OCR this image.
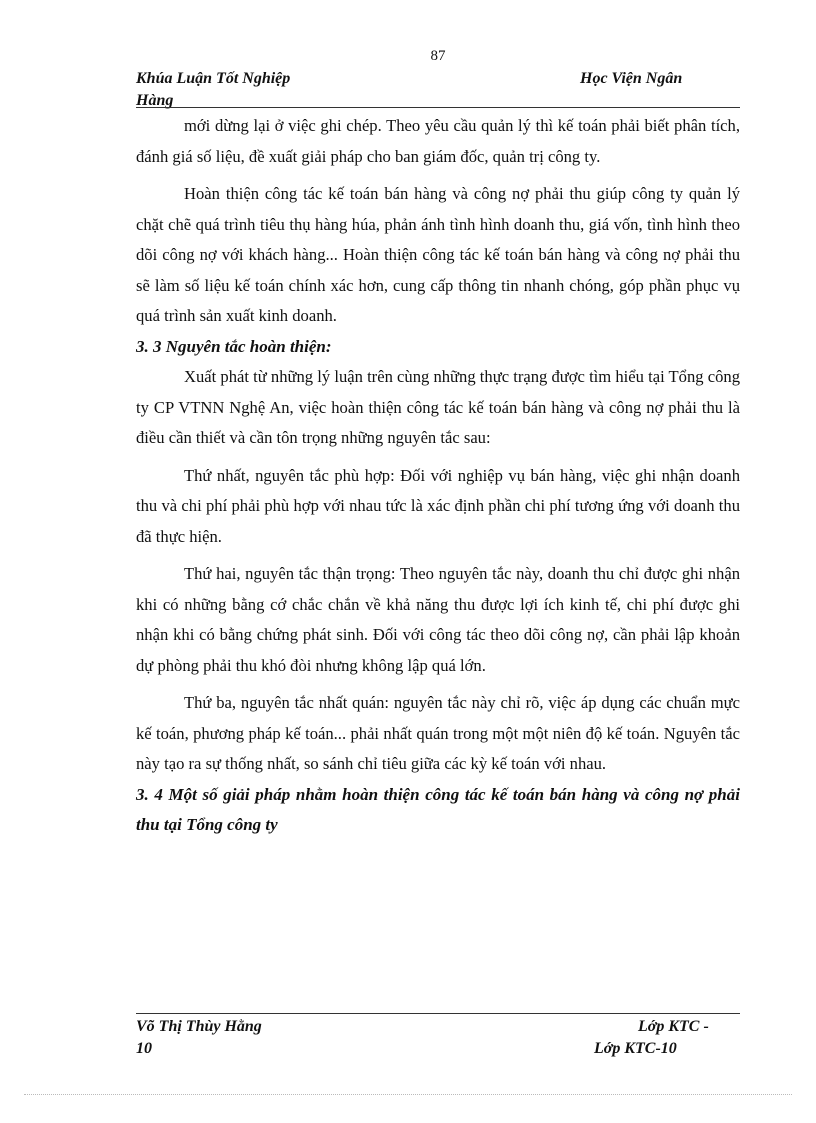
87
Khúa Luận Tốt Nghiệp
Hàng
Học Viện Ngân

mới dừng lại ở việc ghi chép. Theo yêu cầu quản lý thì kế toán phải biết phân tích, đánh giá số liệu, đề xuất giải pháp cho ban giám đốc, quản trị công ty.

Hoàn thiện công tác kế toán bán hàng và công nợ phải thu giúp công ty quản lý chặt chẽ quá trình tiêu thụ hàng húa, phản ánh tình hình doanh thu, giá vốn, tình hình theo dõi công nợ với khách hàng... Hoàn thiện công tác kế toán bán hàng và công nợ phải thu sẽ làm số liệu kế toán chính xác hơn, cung cấp thông tin nhanh chóng, góp phần phục vụ quá trình sản xuất kinh doanh.

3. 3 Nguyên tắc hoàn thiện:

Xuất phát từ những lý luận trên cùng những thực trạng được tìm hiểu tại Tổng công ty CP VTNN Nghệ An, việc hoàn thiện công tác kế toán bán hàng và công nợ phải thu là điều cần thiết và cần tôn trọng những nguyên tắc sau:

Thứ nhất, nguyên tắc phù hợp: Đối với nghiệp vụ bán hàng, việc ghi nhận doanh thu và chi phí phải phù hợp với nhau tức là xác định phần chi phí tương ứng với doanh thu đã thực hiện.

Thứ hai, nguyên tắc thận trọng: Theo nguyên tắc này, doanh thu chỉ được ghi nhận khi có những bằng cớ chắc chắn về khả năng thu được lợi ích kinh tế, chi phí được ghi nhận khi có bằng chứng phát sinh. Đối với công tác theo dõi công nợ, cần phải lập khoản dự phòng phải thu khó đòi nhưng không lập quá lớn.

Thứ ba, nguyên tắc nhất quán: nguyên tắc này chỉ rõ, việc áp dụng các chuẩn mực kế toán, phương pháp kế toán... phải nhất quán trong một một niên độ kế toán. Nguyên tắc này tạo ra sự thống nhất, so sánh chỉ tiêu giữa các kỳ kế toán với nhau.

3. 4 Một số giải pháp nhằm hoàn thiện công tác kế toán bán hàng và công nợ phải thu tại Tổng công ty

Võ Thị Thùy Hằng
10
Lớp KTC -
Lớp KTC-10
